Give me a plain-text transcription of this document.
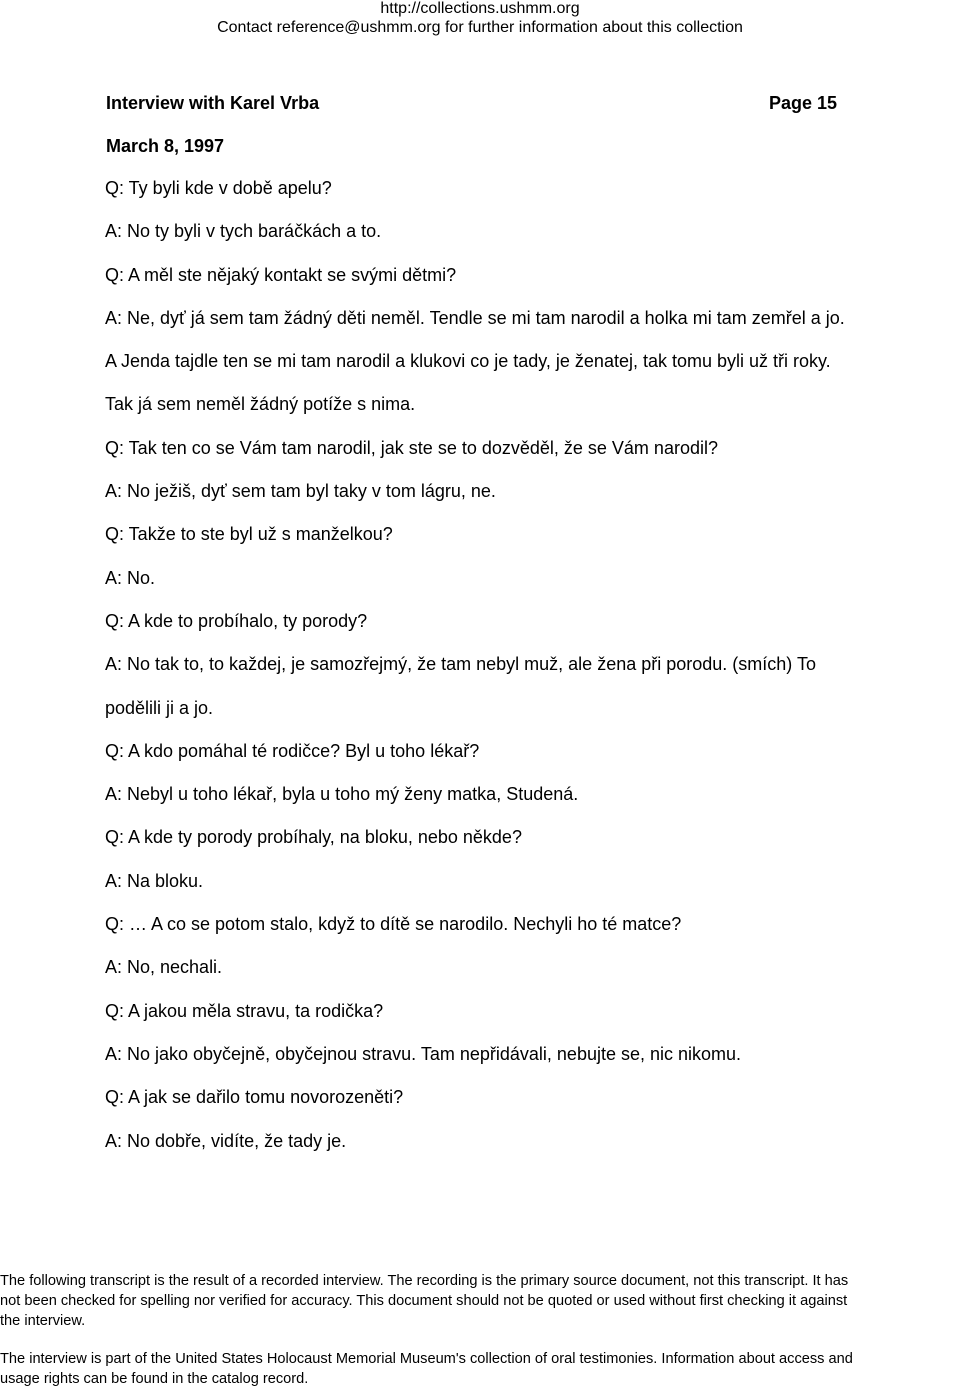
http://collections.ushmm.org
Contact reference@ushmm.org for further information about this collection
Interview with Karel Vrba	Page 15
March 8, 1997
Q: Ty byli kde v době apelu?
A: No ty byli v tych baráčkách a to.
Q: A měl ste nějaký kontakt se svými dětmi?
A: Ne, dyť já sem tam žádný děti neměl. Tendle se mi tam narodil a holka mi tam zemřel a jo.
A Jenda tajdle ten se mi tam narodil a klukovi co je tady, je ženatej, tak tomu byli už tři roky.
Tak já sem neměl žádný potíže s nima.
Q: Tak ten co se Vám tam narodil, jak ste se to dozvěděl, že se Vám narodil?
A: No ježiš, dyť sem tam byl taky v tom lágru, ne.
Q: Takže to ste byl už s manželkou?
A: No.
Q: A kde to probíhalo, ty porody?
A: No tak to, to každej, je samozřejmý, že tam nebyl muž, ale žena při porodu. (smích) To
podělili ji a jo.
Q: A kdo pomáhal té rodičce? Byl u toho lékař?
A: Nebyl u toho lékař, byla u toho mý ženy matka, Studená.
Q: A kde ty porody probíhaly, na bloku, nebo někde?
A: Na bloku.
Q: … A co se potom stalo, když to dítě se narodilo. Nechyli ho té matce?
A: No, nechali.
Q: A jakou měla stravu, ta rodička?
A: No jako obyčejně, obyčejnou stravu. Tam nepřidávali, nebujte se, nic nikomu.
Q: A jak se dařilo tomu novorozeněti?
A: No dobře, vidíte, že tady je.

The following transcript is the result of a recorded interview. The recording is the primary source document, not this transcript. It has

not been checked for spelling nor verified for accuracy. This document should not be quoted or used without first checking it against

the interview.

The interview is part of the United States Holocaust Memorial Museum's collection of oral testimonies. Information about access and

usage rights can be found in the catalog record.
